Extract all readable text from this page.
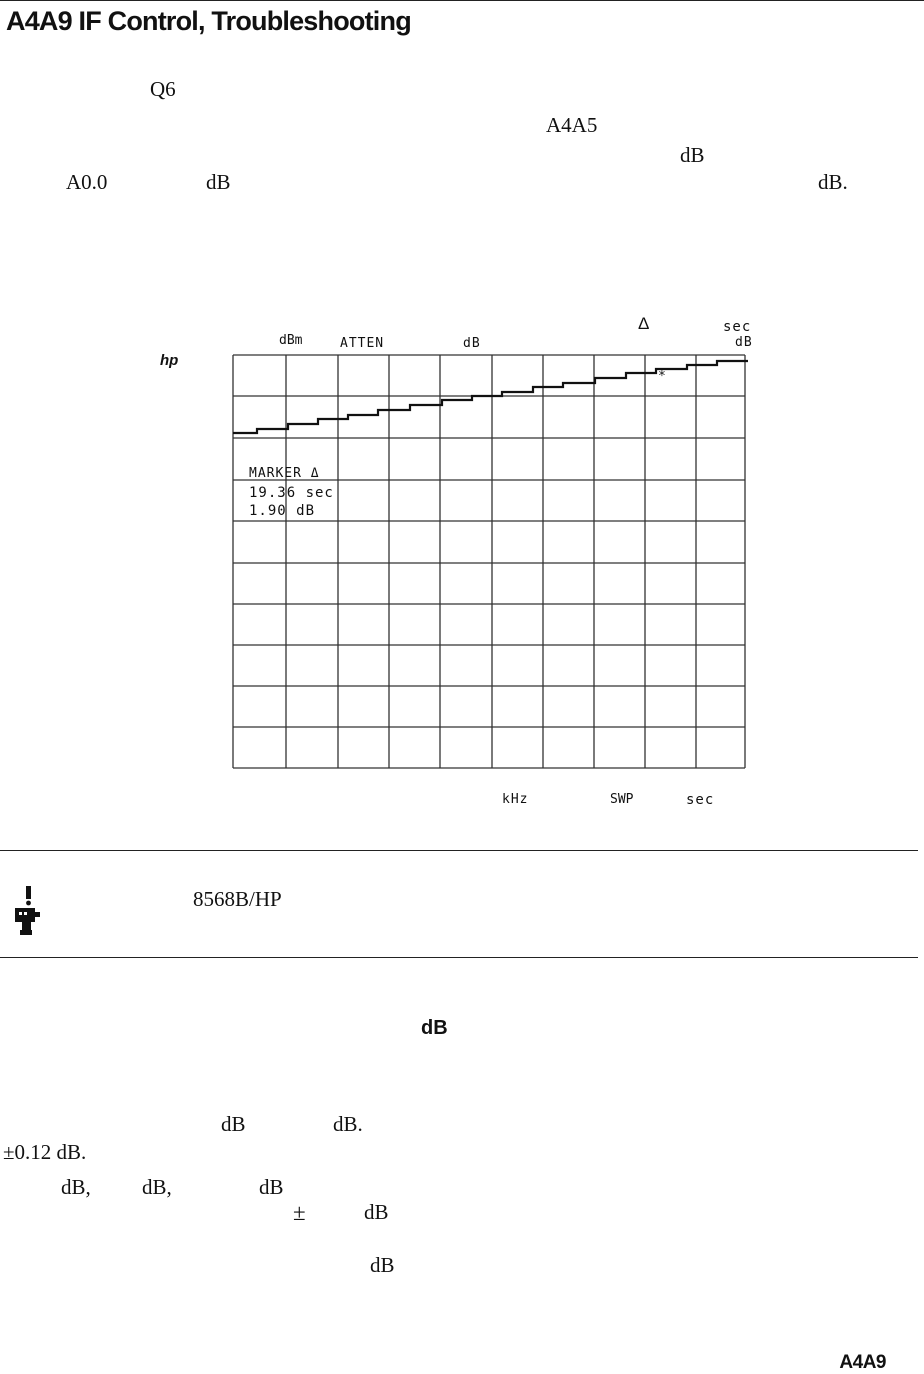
A4A9 IF Control, Troubleshooting
Q6
A4A5
dB
A0.0	dB	dB.
hp
Δ	sec
dBm	ATTEN	dB	dB
*
MARKER Δ
19.36 sec
1.90 dB
kHz	SWP	sec
8568B/HP
dB
dB	dB.
±0.12 dB.
dB, dB,	dB
±	dB
dB
A4A9
